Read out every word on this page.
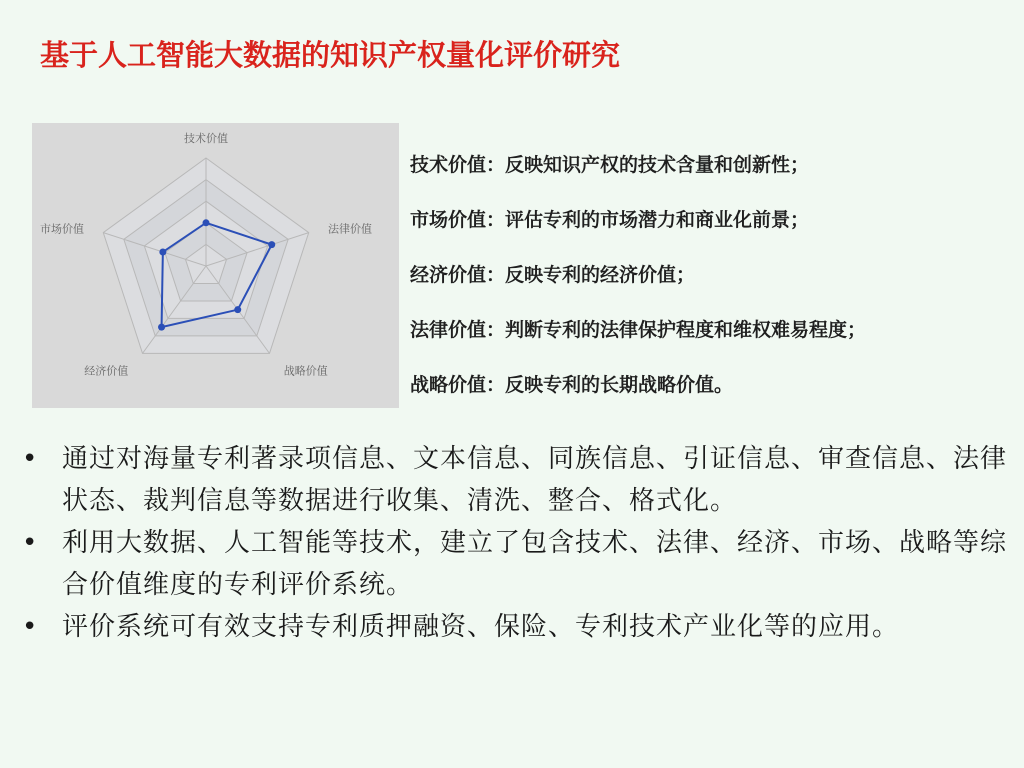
基于人工智能大数据的知识产权量化评价研究
技术价值
法律价值
战略价值
经济价值
市场价值
技术价值：反映知识产权的技术含量和创新性；
市场价值：评估专利的市场潜力和商业化前景；
经济价值：反映专利的经济价值；
法律价值：判断专利的法律保护程度和维权难易程度；
战略价值：反映专利的长期战略价值。
• 通过对海量专利著录项信息、文本信息、同族信息、引证信息、审查信息、法律状态、裁判信息等数据进行收集、清洗、整合、格式化。
• 利用大数据、人工智能等技术，建立了包含技术、法律、经济、市场、战略等综合价值维度的专利评价系统。
• 评价系统可有效支持专利质押融资、保险、专利技术产业化等的应用。
